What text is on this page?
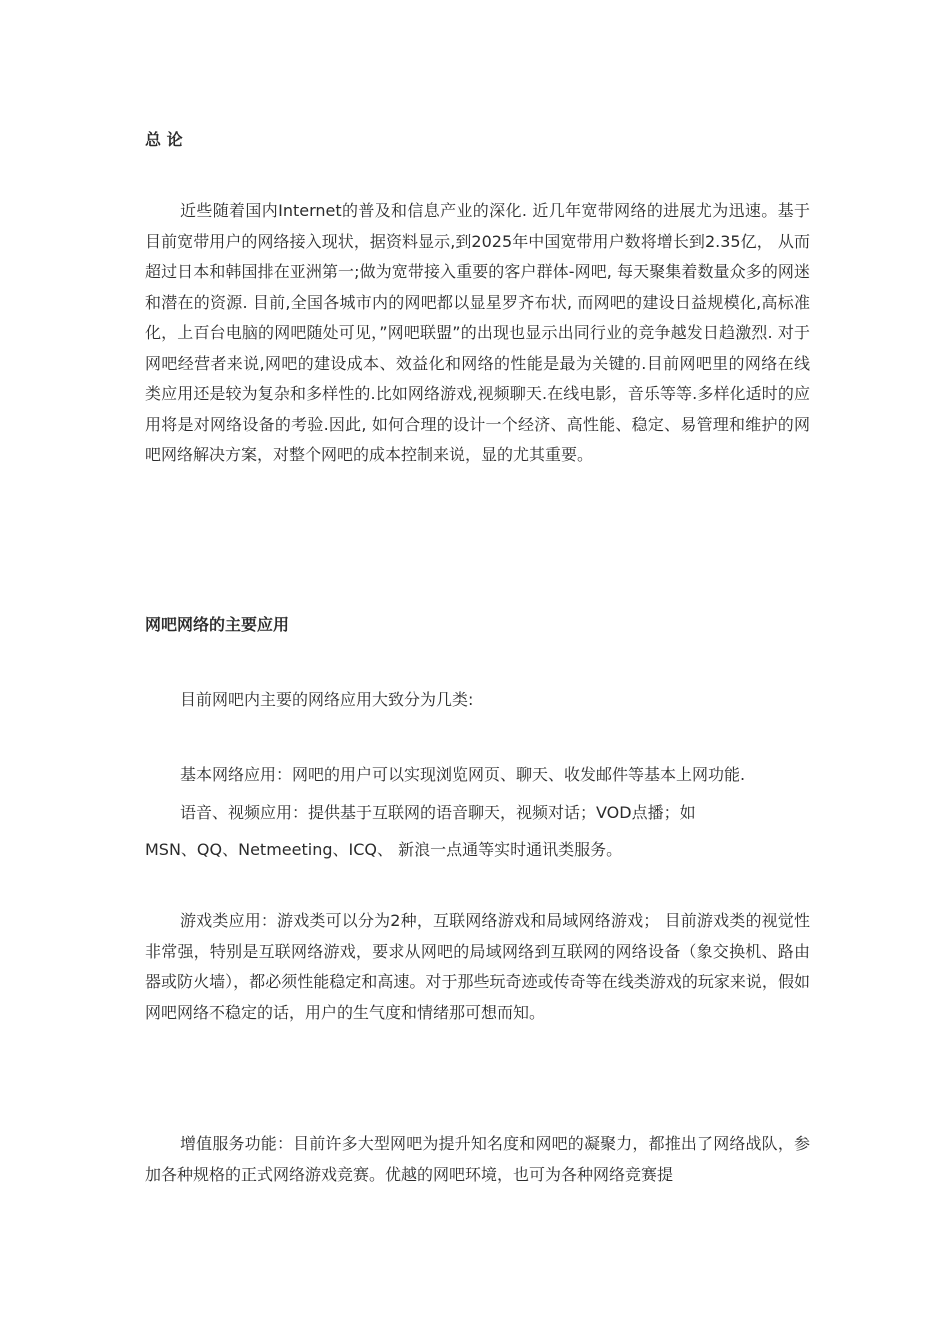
总 论

近些随着国内Internet的普及和信息产业的深化. 近几年宽带网络的进展尤为迅速。基于目前宽带用户的网络接入现状，据资料显示,到2025年中国宽带用户数将增长到2.35亿， 从而超过日本和韩国排在亚洲第一;做为宽带接入重要的客户群体-网吧, 每天聚集着数量众多的网迷和潜在的资源. 目前,全国各城市内的网吧都以显星罗齐布状, 而网吧的建设日益规模化,高标准化，上百台电脑的网吧随处可见，”网吧联盟”的出现也显示出同行业的竞争越发日趋激烈. 对于网吧经营者来说,网吧的建设成本、效益化和网络的性能是最为关键的.目前网吧里的网络在线类应用还是较为复杂和多样性的.比如网络游戏,视频聊天.在线电影，音乐等等.多样化适时的应用将是对网络设备的考验.因此, 如何合理的设计一个经济、高性能、稳定、易管理和维护的网吧网络解决方案，对整个网吧的成本控制来说，显的尤其重要。

网吧网络的主要应用

目前网吧内主要的网络应用大致分为几类:

基本网络应用：网吧的用户可以实现浏览网页、聊天、收发邮件等基本上网功能.

语音、视频应用：提供基于互联网的语音聊天，视频对话；VOD点播；如

MSN、QQ、Netmeeting、ICQ、 新浪一点通等实时通讯类服务。

游戏类应用：游戏类可以分为2种，互联网络游戏和局域网络游戏； 目前游戏类的视觉性非常强，特别是互联网络游戏，要求从网吧的局域网络到互联网的网络设备（象交换机、路由器或防火墙），都必须性能稳定和高速。对于那些玩奇迹或传奇等在线类游戏的玩家来说，假如网吧网络不稳定的话，用户的生气度和情绪那可想而知。

增值服务功能：目前许多大型网吧为提升知名度和网吧的凝聚力，都推出了网络战队，参加各种规格的正式网络游戏竞赛。优越的网吧环境，也可为各种网络竞赛提
